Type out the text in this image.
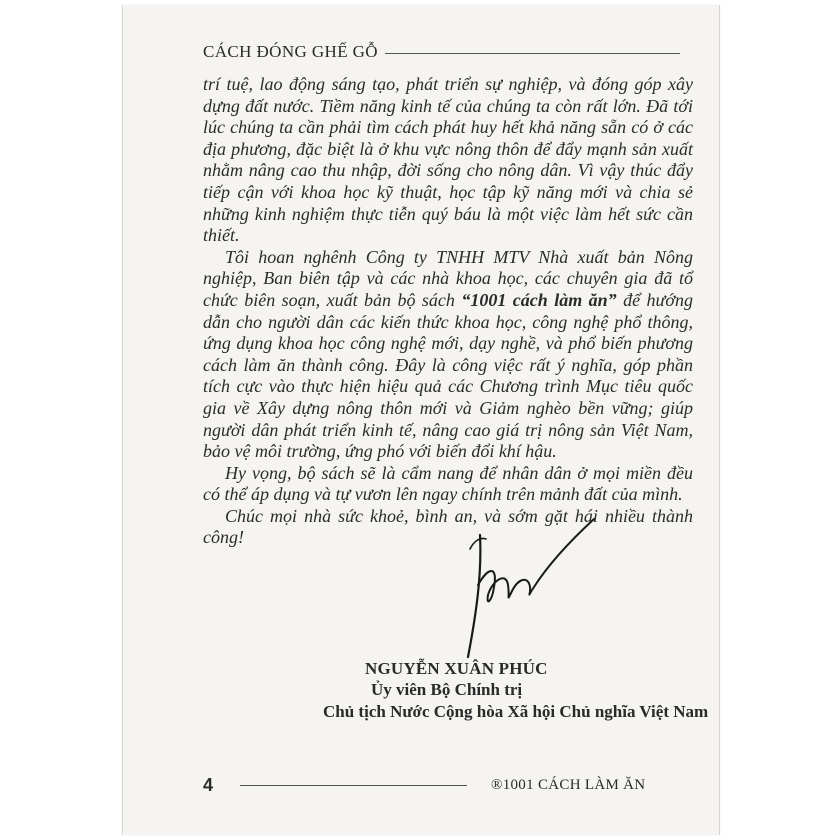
CÁCH ĐÓNG GHẾ GỖ

trí tuệ, lao động sáng tạo, phát triển sự nghiệp, và đóng góp xây dựng đất nước. Tiềm năng kinh tế của chúng ta còn rất lớn. Đã tới lúc chúng ta cần phải tìm cách phát huy hết khả năng sẵn có ở các địa phương, đặc biệt là ở khu vực nông thôn để đẩy mạnh sản xuất nhằm nâng cao thu nhập, đời sống cho nông dân. Vì vậy thúc đẩy tiếp cận với khoa học kỹ thuật, học tập kỹ năng mới và chia sẻ những kinh nghiệm thực tiễn quý báu là một việc làm hết sức cần thiết.

Tôi hoan nghênh Công ty TNHH MTV Nhà xuất bản Nông nghiệp, Ban biên tập và các nhà khoa học, các chuyên gia đã tổ chức biên soạn, xuất bản bộ sách “1001 cách làm ăn” để hướng dẫn cho người dân các kiến thức khoa học, công nghệ phổ thông, ứng dụng khoa học công nghệ mới, dạy nghề, và phổ biến phương cách làm ăn thành công. Đây là công việc rất ý nghĩa, góp phần tích cực vào thực hiện hiệu quả các Chương trình Mục tiêu quốc gia về Xây dựng nông thôn mới và Giảm nghèo bền vững; giúp người dân phát triển kinh tế, nâng cao giá trị nông sản Việt Nam, bảo vệ môi trường, ứng phó với biến đổi khí hậu.

Hy vọng, bộ sách sẽ là cẩm nang để nhân dân ở mọi miền đều có thể áp dụng và tự vươn lên ngay chính trên mảnh đất của mình.

Chúc mọi nhà sức khoẻ, bình an, và sớm gặt hái nhiều thành công!

NGUYỄN XUÂN PHÚC
Ủy viên Bộ Chính trị
Chủ tịch Nước Cộng hòa Xã hội Chủ nghĩa Việt Nam
4	®1001 CÁCH LÀM ĂN
